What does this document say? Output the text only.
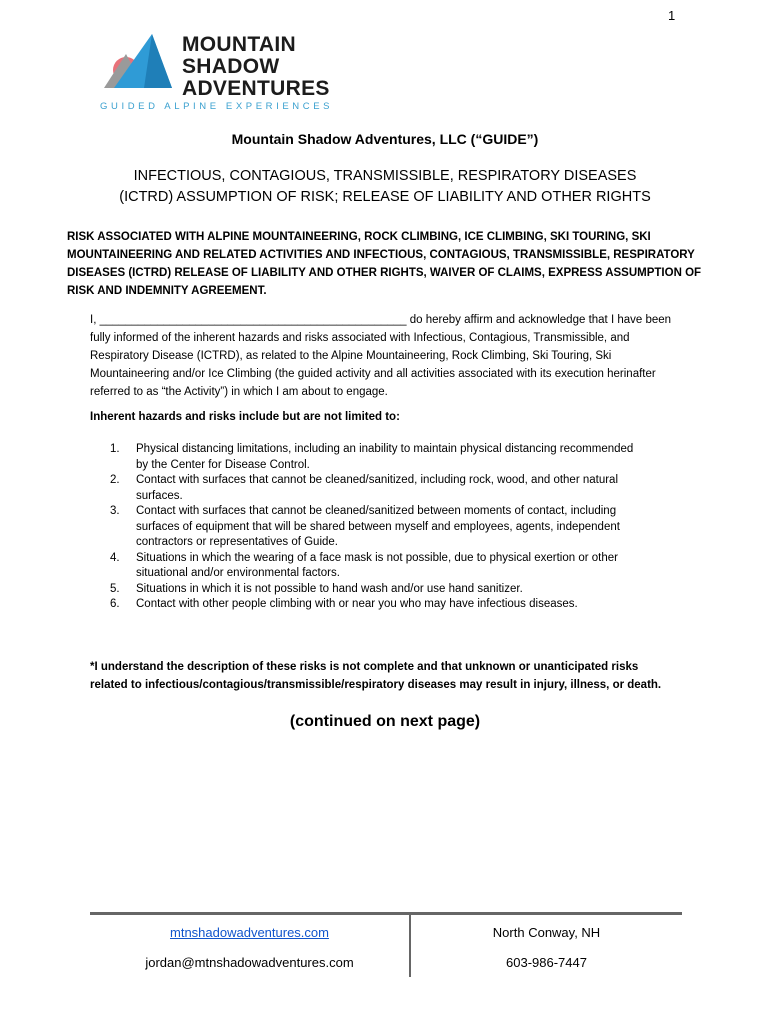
1
MOUNTAIN
SHADOW
ADVENTURES
GUIDED ALPINE EXPERIENCES
Mountain Shadow Adventures, LLC (“GUIDE”)
INFECTIOUS, CONTAGIOUS, TRANSMISSIBLE, RESPIRATORY DISEASES
(ICTRD) ASSUMPTION OF RISK; RELEASE OF LIABILITY AND OTHER RIGHTS
RISK ASSOCIATED WITH ALPINE MOUNTAINEERING, ROCK CLIMBING, ICE CLIMBING, SKI TOURING, SKI MOUNTAINEERING AND RELATED ACTIVITIES AND INFECTIOUS, CONTAGIOUS, TRANSMISSIBLE, RESPIRATORY DISEASES (ICTRD) RELEASE OF LIABILITY AND OTHER RIGHTS, WAIVER OF CLAIMS, EXPRESS ASSUMPTION OF RISK AND INDEMNITY AGREEMENT.
I, ________________________________________________ do hereby affirm and acknowledge that I have been fully informed of the inherent hazards and risks associated with Infectious, Contagious, Transmissible, and Respiratory Disease (ICTRD), as related to the Alpine Mountaineering, Rock Climbing, Ski Touring, Ski Mountaineering and/or Ice Climbing (the guided activity and all activities associated with its execution herinafter referred to as “the Activity”) in which I am about to engage.
Inherent hazards and risks include but are not limited to:
1. Physical distancing limitations, including an inability to maintain physical distancing recommended by the Center for Disease Control.
2. Contact with surfaces that cannot be cleaned/sanitized, including rock, wood, and other natural surfaces.
3. Contact with surfaces that cannot be cleaned/sanitized between moments of contact, including surfaces of equipment that will be shared between myself and employees, agents, independent contractors or representatives of Guide.
4. Situations in which the wearing of a face mask is not possible, due to physical exertion or other situational and/or environmental factors.
5. Situations in which it is not possible to hand wash and/or use hand sanitizer.
6. Contact with other people climbing with or near you who may have infectious diseases.
*I understand the description of these risks is not complete and that unknown or unanticipated risks related to infectious/contagious/transmissible/respiratory diseases may result in injury, illness, or death.
(continued on next page)
mtnshadowadventures.com
jordan@mtnshadowadventures.com
North Conway, NH
603-986-7447
